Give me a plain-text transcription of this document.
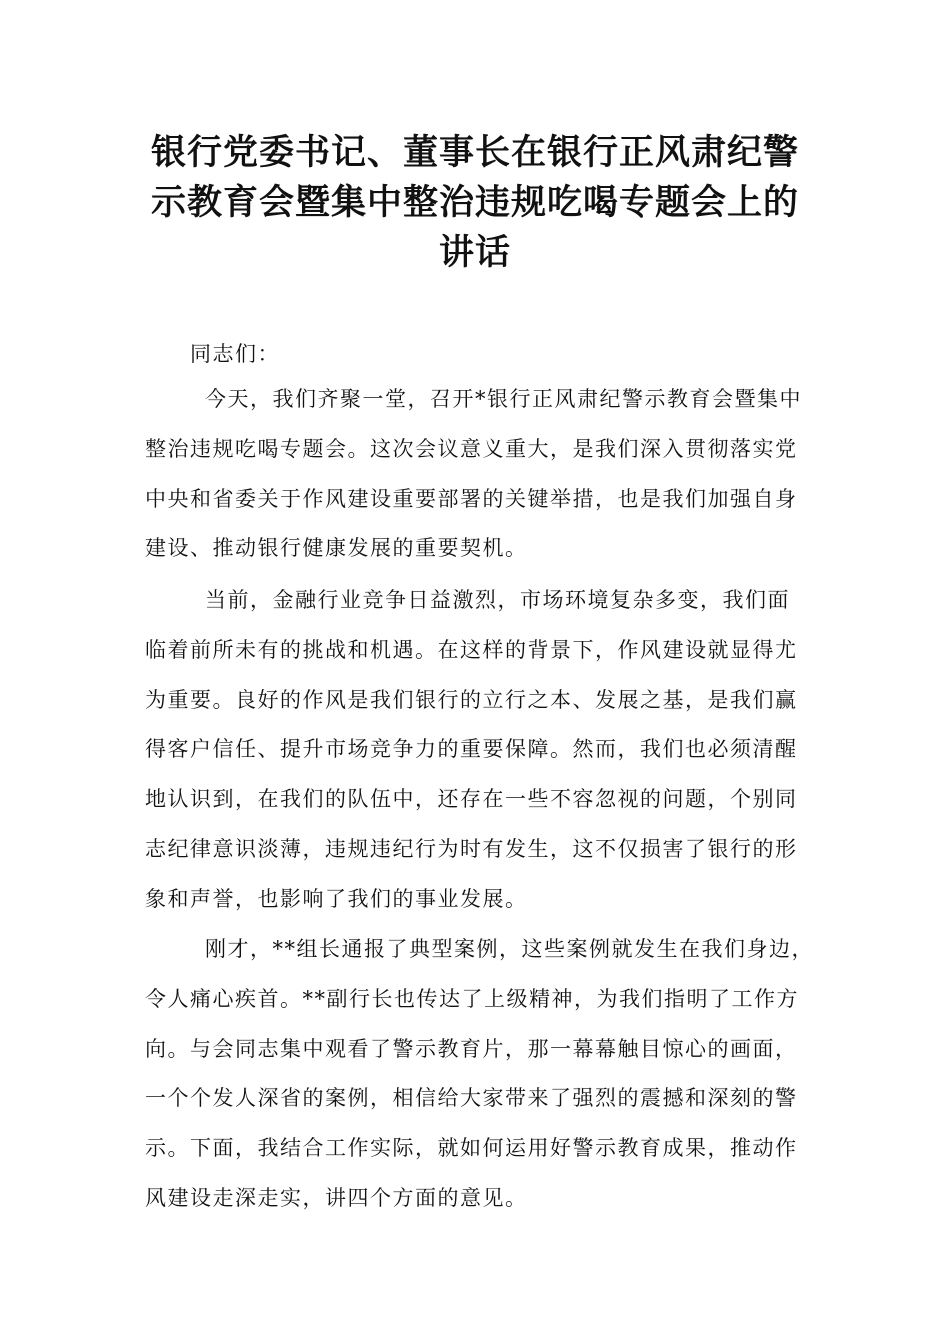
银行党委书记、董事长在银行正风肃纪警
示教育会暨集中整治违规吃喝专题会上的
讲话
同志们：
今天，我们齐聚一堂，召开*银行正风肃纪警示教育会暨集中
整治违规吃喝专题会。这次会议意义重大，是我们深入贯彻落实党
中央和省委关于作风建设重要部署的关键举措，也是我们加强自身
建设、推动银行健康发展的重要契机。
当前，金融行业竞争日益激烈，市场环境复杂多变，我们面
临着前所未有的挑战和机遇。在这样的背景下，作风建设就显得尤
为重要。良好的作风是我们银行的立行之本、发展之基，是我们赢
得客户信任、提升市场竞争力的重要保障。然而，我们也必须清醒
地认识到，在我们的队伍中，还存在一些不容忽视的问题，个别同
志纪律意识淡薄，违规违纪行为时有发生，这不仅损害了银行的形
象和声誉，也影响了我们的事业发展。
刚才，**组长通报了典型案例，这些案例就发生在我们身边，
令人痛心疾首。**副行长也传达了上级精神，为我们指明了工作方
向。与会同志集中观看了警示教育片，那一幕幕触目惊心的画面，
一个个发人深省的案例，相信给大家带来了强烈的震撼和深刻的警
示。下面，我结合工作实际，就如何运用好警示教育成果，推动作
风建设走深走实，讲四个方面的意见。
